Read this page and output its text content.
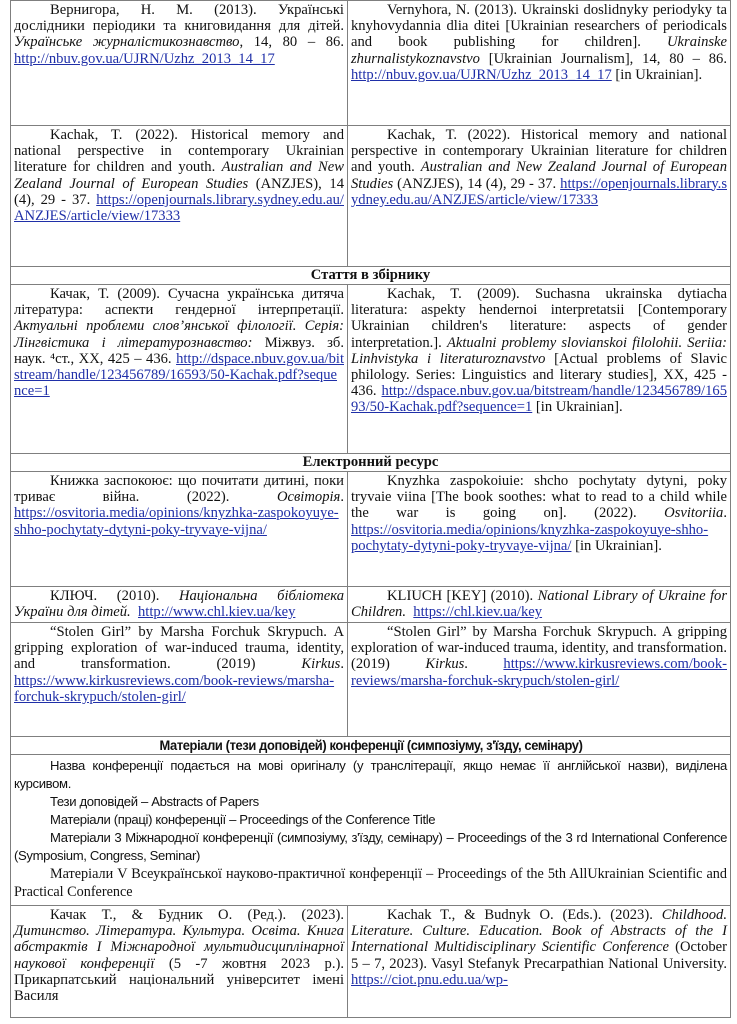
Вернигора, Н. М. (2013). Українські дослідники періодики та книговидання для дітей. Українське журналістикознавство, 14, 80 – 86. http://nbuv.gov.ua/UJRN/Uzhz_2013_14_17	Vernyhora, N. (2013). Ukrainski doslidnyky periodyky ta knyhovydannia dlia ditei [Ukrainian researchers of periodicals and book publishing for children]. Ukrainske zhurnalistykoznavstvo [Ukrainian Journalism], 14, 80 – 86. http://nbuv.gov.ua/UJRN/Uzhz_2013_14_17 [in Ukrainian].
Kachak, T. (2022). Historical memory and national perspective in contemporary Ukrainian literature for children and youth. Australian and New Zealand Journal of European Studies (ANZJES), 14 (4), 29 - 37. https://openjournals.library.sydney.edu.au/ANZJES/article/view/17333	Kachak, T. (2022). Historical memory and national perspective in contemporary Ukrainian literature for children and youth. Australian and New Zealand Journal of European Studies (ANZJES), 14 (4), 29 - 37. https://openjournals.library.sydney.edu.au/ANZJES/article/view/17333
Стаття в збірнику	
Качак, Т. (2009). Сучасна українська дитяча література: аспекти гендерної інтерпретації. Актуальні проблеми слов’янської філології. Серія: Лінгвістика і літературознавство: Міжвуз. зб. наук. ⁴ст., XX, 425 – 436. http://dspace.nbuv.gov.ua/bitstream/handle/123456789/16593/50-Kachak.pdf?sequence=1	Kachak, T. (2009). Suchasna ukrainska dytiacha literatura: aspekty hendernoi interpretatsii [Contemporary Ukrainian children's literature: aspects of gender interpretation.]. Aktualni problemy slovianskoi filolohii. Seriia: Linhvistyka i literaturoznavstvo [Actual problems of Slavic philology. Series: Linguistics and literary studies], XX, 425 - 436. http://dspace.nbuv.gov.ua/bitstream/handle/123456789/16593/50-Kachak.pdf?sequence=1 [in Ukrainian].
Електронний ресурс	
Книжка заспокоює: що почитати дитині, поки триває війна. (2022). Освіторія. https://osvitoria.media/opinions/knyzhka-zaspokoyuye-shho-pochytaty-dytyni-poky-tryvaye-vijna/	Knyzhka zaspokoiuie: shcho pochytaty dytyni, poky tryvaie viina [The book soothes: what to read to a child while the war is going on]. (2022). Osvitoriia. https://osvitoria.media/opinions/knyzhka-zaspokoyuye-shho-pochytaty-dytyni-poky-tryvaye-vijna/ [in Ukrainian].
КЛЮЧ. (2010). Національна бібліотека України для дітей. http://www.chl.kiev.ua/key	KLIUCH [KEY] (2010). National Library of Ukraine for Children. https://chl.kiev.ua/key
“Stolen Girl” by Marsha Forchuk Skrypuch. A gripping exploration of war-induced trauma, identity, and transformation. (2019) Kirkus. https://www.kirkusreviews.com/book-reviews/marsha-forchuk-skrypuch/stolen-girl/	“Stolen Girl” by Marsha Forchuk Skrypuch. A gripping exploration of war-induced trauma, identity, and transformation. (2019) Kirkus. https://www.kirkusreviews.com/book-reviews/marsha-forchuk-skrypuch/stolen-girl/
Матеріали (тези доповідей) конференції (симпозіуму, з'їзду, семінару)	

Назва конференції подається на мові оригіналу (у транслітерації, якщо немає її англійської назви), виділена курсивом.

Тези доповідей – Abstracts of Papers

Матеріали (праці) конференції – Proceedings of the Conference Title

Матеріали 3 Міжнародної конференції (симпозіуму, з'їзду, семінару) – Proceedings of the 3 rd International Conference (Symposium, Congress, Seminar)

Матеріали V Всеукраїнської науково-практичної конференції – Proceedings of the 5th AllUkrainian Scientific and Practical Conference	

Качак Т., & Будник О. (Ред.). (2023). Дитинство. Література. Культура. Освіта. Книга абстрактів І Міжнародної мультидисциплінарної наукової конференції (5 -7 жовтня 2023 р.). Прикарпатський національний університет імені Василя	Kachak T., & Budnyk O. (Eds.). (2023). Childhood. Literature. Culture. Education. Book of Abstracts of the I International Multidisciplinary Scientific Conference (October 5 – 7, 2023). Vasyl Stefanyk Precarpathian National University. https://ciot.pnu.edu.ua/wp-
